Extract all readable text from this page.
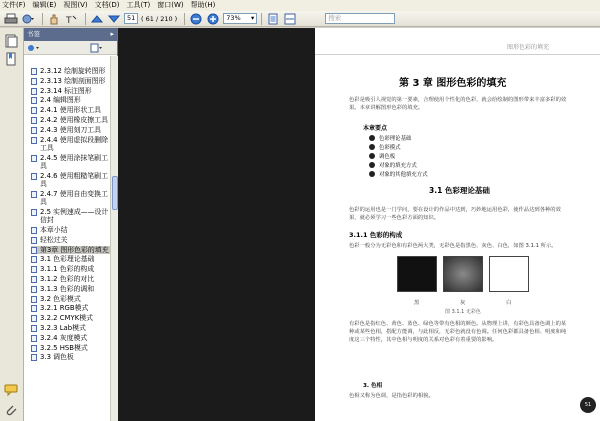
文件(F) 编辑(E) 视图(V) 文档(D) 工具(T) 窗口(W) 帮助(H)
T	51 ( 61 / 210 )	73% ▾	搜索
书签	▸
2.3.12 绘制旋转图形
2.3.13 绘制剖面图形
2.3.14 标注图形
2.4 编辑图形
2.4.1 使用形状工具
2.4.2 使用橡皮擦工具
2.4.3 使用刻刀工具
2.4.4 使用虚拟段删除工具
2.4.5 使用涂抹笔刷工具
2.4.6 使用粗糙笔刷工具
2.4.7 使用自由变换工具
2.5 实例速成——设计信封
本章小结
轻松过关
第3章 图形色彩的填充
3.1 色彩理论基础
3.1.1 色彩的构成
3.1.2 色彩的对比
3.1.3 色彩的调和
3.2 色彩模式
3.2.1 RGB模式
3.2.2 CMYK模式
3.2.3 Lab模式
3.2.4 灰度模式
3.2.5 HSB模式
3.3 调色板
图形色彩的填充
第 3 章 图形色彩的填充
色彩是吸引人视觉的第一要素，合理使用个性化的色彩，就会给绘制的图形带来丰富多彩的效果。本章讲解图形色彩的填充。
本章要点
色彩理论基础
色彩模式
调色板
对象的填充方式
对象的其他填充方式
3.1 色彩理论基础
色彩的运用也是一门学问，要在设计的作品中达到，巧妙地运用色彩，使作品达到各种的效果，就必须学习一些色彩方面的知识。
3.1.1 色彩的构成
色彩一般分为无彩色和有彩色两大类，无彩色是指黑色、灰色、白色，如图 3.1.1 所示。
黑	灰	白
图 3.1.1 无彩色
有彩色是指红色、黄色、蓝色、绿色等带有色相的颜色。从物理上讲，有彩色具备色调上的某种或某些色相，搭配方能调，与此相反，无彩色就没有色调。任何色彩都具备色相、明度和纯度这三个特性，其中色相与明度的关系对色彩有着重要的影响。
3. 色相
色相又称为色调，是指色彩的相貌。
51
